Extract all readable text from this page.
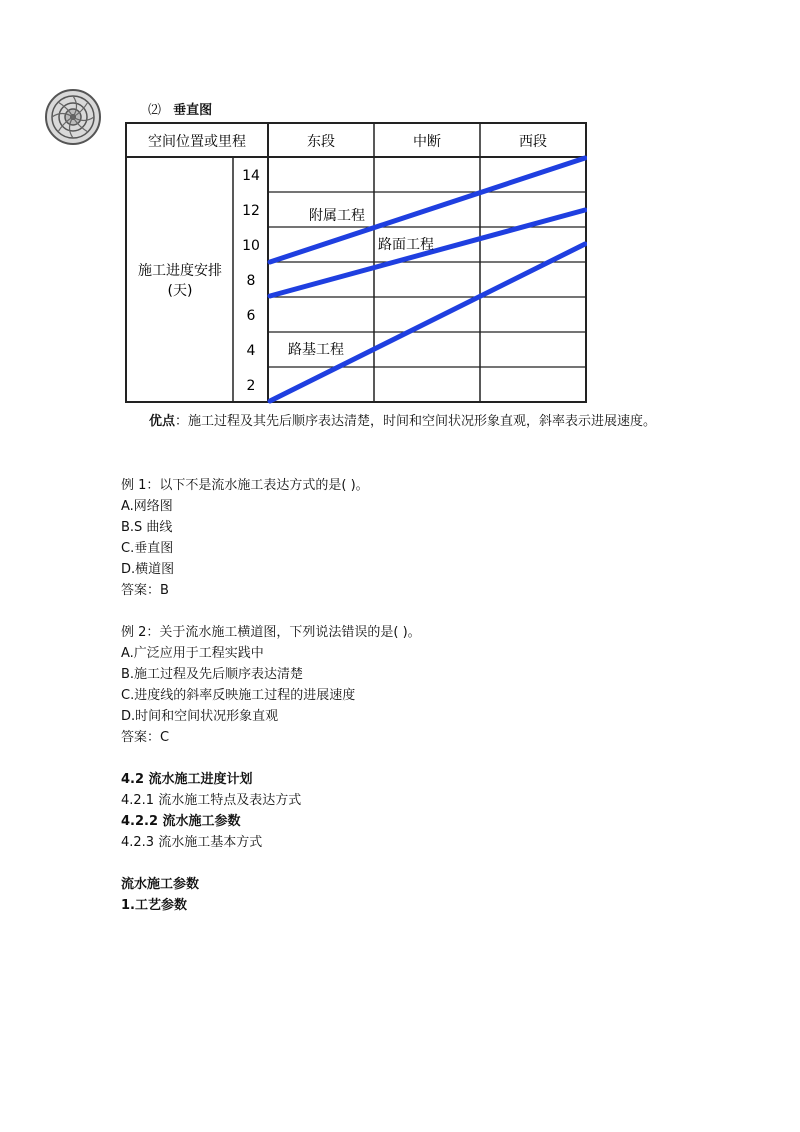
⑵ 垂直图
空间位置或里程	东段	中断	西段
施工进度安排
(天)
14
12
10
8
6
4
2
附属工程
路面工程
路基工程
优点：施工过程及其先后顺序表达清楚，时间和空间状况形象直观，斜率表示进展速度。
例 1：以下不是流水施工表达方式的是( )。
A.网络图
B.S 曲线
C.垂直图
D.横道图
答案：B
例 2：关于流水施工横道图，下列说法错误的是( )。
A.广泛应用于工程实践中
B.施工过程及先后顺序表达清楚
C.进度线的斜率反映施工过程的进展速度
D.时间和空间状况形象直观
答案：C
4.2 流水施工进度计划
4.2.1 流水施工特点及表达方式
4.2.2 流水施工参数
4.2.3 流水施工基本方式
流水施工参数
1.工艺参数
